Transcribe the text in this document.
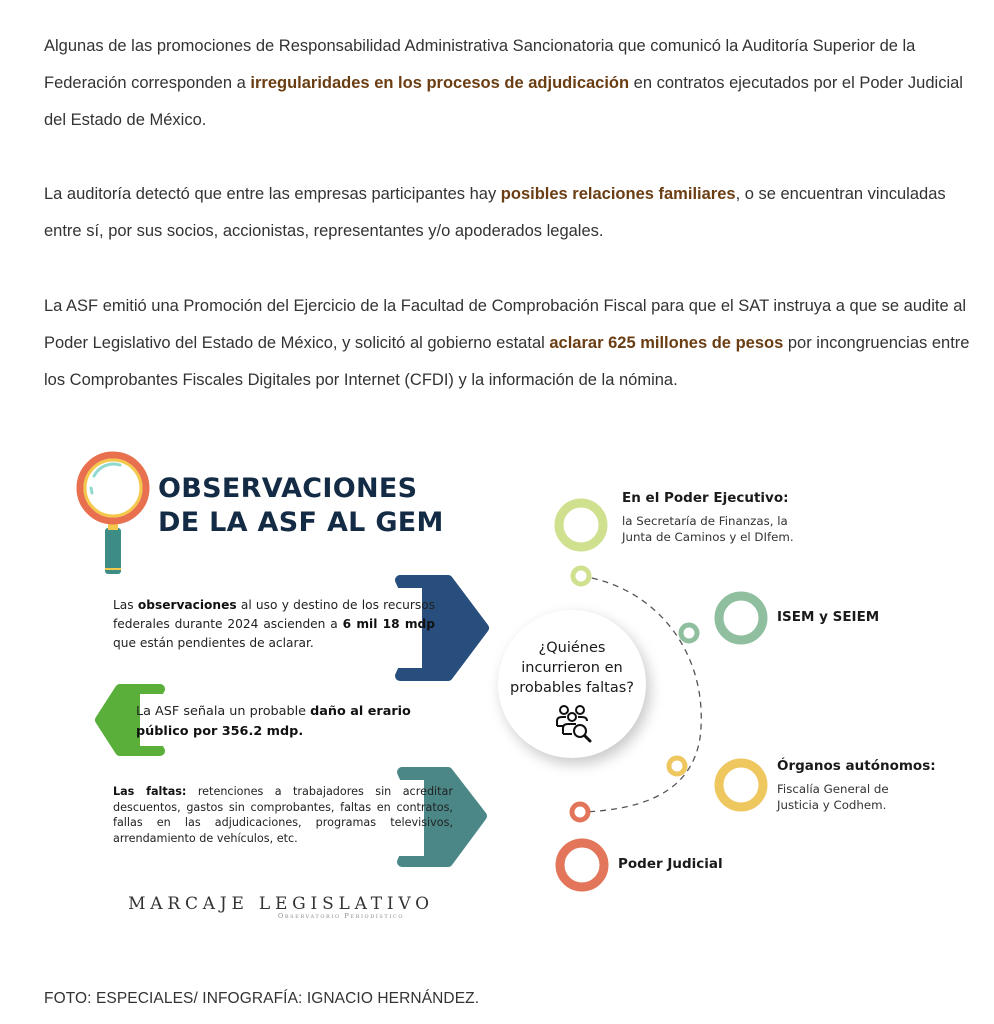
Algunas de las promociones de Responsabilidad Administrativa Sancionatoria que comunicó la Auditoría Superior de la Federación corresponden a irregularidades en los procesos de adjudicación en contratos ejecutados por el Poder Judicial del Estado de México.

La auditoría detectó que entre las empresas participantes hay posibles relaciones familiares, o se encuentran vinculadas entre sí, por sus socios, accionistas, representantes y/o apoderados legales.

La ASF emitió una Promoción del Ejercicio de la Facultad de Comprobación Fiscal para que el SAT instruya a que se audite al Poder Legislativo del Estado de México, y solicitó al gobierno estatal aclarar 625 millones de pesos por incongruencias entre los Comprobantes Fiscales Digitales por Internet (CFDI) y la información de la nómina.

OBSERVACIONES
DE LA ASF AL GEM
Las observaciones al uso y destino de los recursos federales durante 2024 ascienden a 6 mil 18 mdp que están pendientes de aclarar.
La ASF señala un probable daño al erario público por 356.2 mdp.
Las faltas: retenciones a trabajadores sin acreditar descuentos, gastos sin comprobantes, faltas en contratos, fallas en las adjudicaciones, programas televisivos, arrendamiento de vehículos, etc.
MARCAJE LEGISLATIVO
Observatorio Periodístico
¿Quiénes
incurrieron en
probables faltas?
En el Poder Ejecutivo:
la Secretaría de Finanzas, la
Junta de Caminos y el DIfem.
ISEM y SEIEM
Órganos autónomos:
Fiscalía General de
Justicia y Codhem.
Poder Judicial
FOTO: ESPECIALES/ INFOGRAFÍA: IGNACIO HERNÁNDEZ.
